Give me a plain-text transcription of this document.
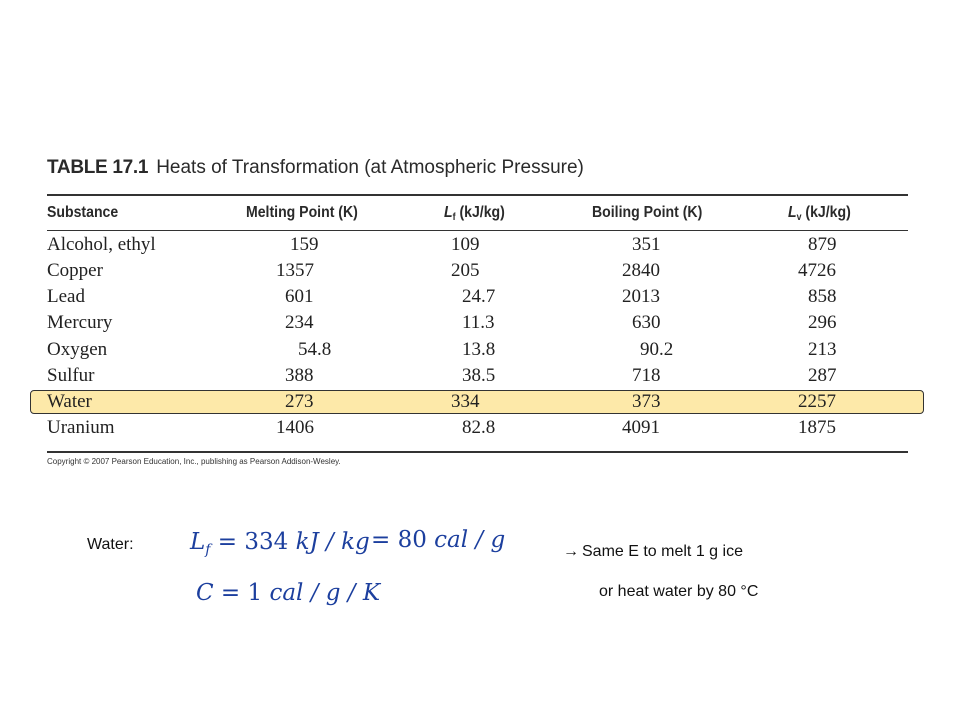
TABLE 17.1 Heats of Transformation (at Atmospheric Pressure)
Substance	Melting Point (K)	$L_f$ (kJ/kg)	Boiling Point (K)	$L_v$ (kJ/kg)
Alcohol, ethyl	159	109	351	879
Copper	1357	205	2840	4726
Lead	601	24.7	2013	858
Mercury	234	11.3	630	296
Oxygen	54.8	13.8	90.2	213
Sulfur	388	38.5	718	287
Water	273	334	373	2257
Uranium	1406	82.8	4091	1875
Copyright © 2007 Pearson Education, Inc., publishing as Pearson Addison-Wesley.
Water: $L_f = 334$ kJ / kg = 80 cal / g
C = 1 cal / g / K
→ Same E to melt 1 g ice
or heat water by 80 °C
